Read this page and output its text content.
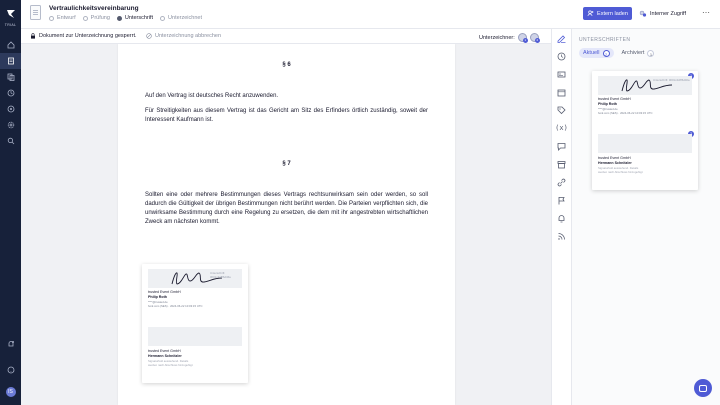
TRIAL
IS
Vertraulichkeitsvereinbarung
Entwurf	Prüfung	Unterschrift	Unterzeichnet
Extern laden	Interner Zugriff ⋯
Dokument zur Unterzeichnung gesperrt.	Unterzeichnung abbrechen	Unterzeichner:	1	2
§ 6
Auf den Vertrag ist deutsches Recht anzuwenden.
Für Streitigkeiten aus diesem Vertrag ist das Gericht am Sitz des Erfinders örtlich zuständig, soweit der Interessent Kaufmann ist.
§ 7
Sollten eine oder mehrere Bestimmungen dieses Vertrags rechtsunwirksam sein oder werden, so soll dadurch die Gültigkeit der übrigen Bestimmungen nicht berührt werden. Die Parteien verpflichten sich, die unwirksame Bestimmung durch eine Regelung zu ersetzen, die dem mit ihr angestrebten wirtschaftlichen Zweck am nächsten kommt.
Unterschrift: 0001c4c8f6d46a
trusted Event GmbH
Philip Roth
****@trusted.de
funk.com (SES) · 2024-06-22 10:03:15 UTC
trusted Event GmbH
Hermann Schnitzler
Signaturfeld ausstehend. Details
werden nach Abschluss hinzugefügt
(x)
UNTERSCHRIFTEN
Aktuell	2	Archiviert	1
Unterschrift: 0001c4c8f6d46a
trusted Event GmbH
Philip Roth
****@trusted.de
funk.com (SES) · 2024-06-22 10:03:15 UTC
trusted Event GmbH
Hermann Schnitzler
Signaturfeld ausstehend. Details
werden nach Abschluss hinzugefügt
